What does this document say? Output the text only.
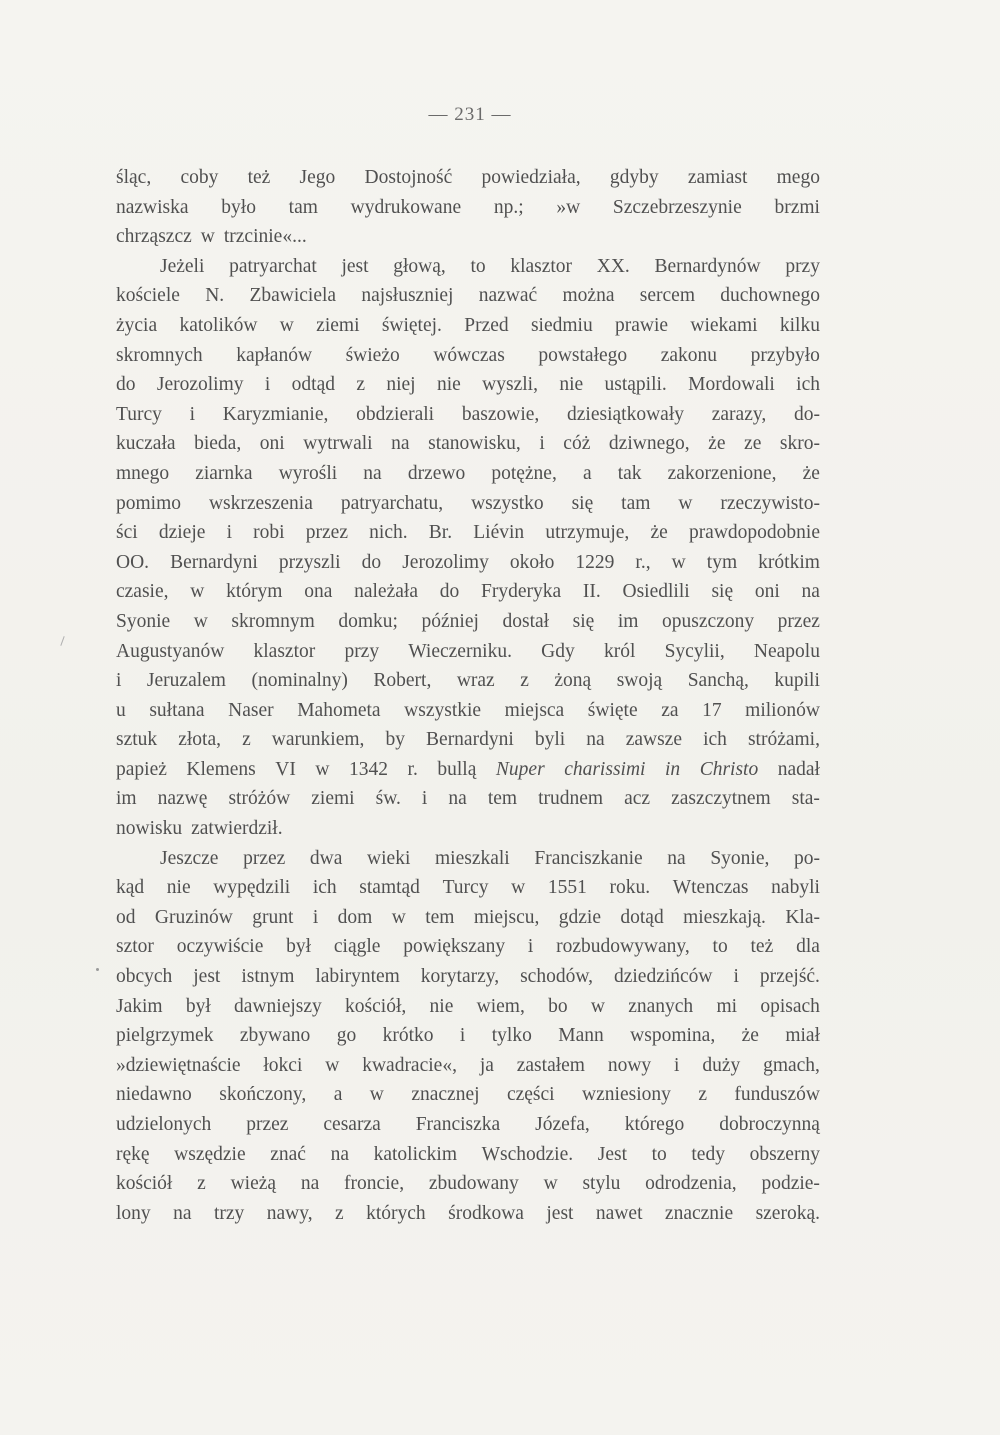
— 231 —
śląc, coby też Jego Dostojność powiedziała, gdyby zamiast mego
nazwiska było tam wydrukowane np.; »w Szczebrzeszynie brzmi
chrząszcz w trzcinie«...
Jeżeli patryarchat jest głową, to klasztor XX. Bernardynów przy
kościele N. Zbawiciela najsłuszniej nazwać można sercem duchownego
życia katolików w ziemi świętej. Przed siedmiu prawie wiekami kilku
skromnych kapłanów świeżo wówczas powstałego zakonu przybyło
do Jerozolimy i odtąd z niej nie wyszli, nie ustąpili. Mordowali ich
Turcy i Karyzmianie, obdzierali baszowie, dziesiątkowały zarazy, do-
kuczała bieda, oni wytrwali na stanowisku, i cóż dziwnego, że ze skro-
mnego ziarnka wyrośli na drzewo potężne, a tak zakorzenione, że
pomimo wskrzeszenia patryarchatu, wszystko się tam w rzeczywisto-
ści dzieje i robi przez nich. Br. Liévin utrzymuje, że prawdopodobnie
OO. Bernardyni przyszli do Jerozolimy około 1229 r., w tym krótkim
czasie, w którym ona należała do Fryderyka II. Osiedlili się oni na
Syonie w skromnym domku; później dostał się im opuszczony przez
Augustyanów klasztor przy Wieczerniku. Gdy król Sycylii, Neapolu
i Jeruzalem (nominalny) Robert, wraz z żoną swoją Sanchą, kupili
u sułtana Naser Mahometa wszystkie miejsca święte za 17 milionów
sztuk złota, z warunkiem, by Bernardyni byli na zawsze ich stróżami,
papież Klemens VI w 1342 r. bullą Nuper charissimi in Christo nadał
im nazwę stróżów ziemi św. i na tem trudnem acz zaszczytnem sta-
nowisku zatwierdził.
Jeszcze przez dwa wieki mieszkali Franciszkanie na Syonie, po-
kąd nie wypędzili ich stamtąd Turcy w 1551 roku. Wtenczas nabyli
od Gruzinów grunt i dom w tem miejscu, gdzie dotąd mieszkają. Kla-
sztor oczywiście był ciągle powiększany i rozbudowywany, to też dla
obcych jest istnym labiryntem korytarzy, schodów, dziedzińców i przejść.
Jakim był dawniejszy kościół, nie wiem, bo w znanych mi opisach
pielgrzymek zbywano go krótko i tylko Mann wspomina, że miał
»dziewiętnaście łokci w kwadracie«, ja zastałem nowy i duży gmach,
niedawno skończony, a w znacznej części wzniesiony z funduszów
udzielonych przez cesarza Franciszka Józefa, którego dobroczynną
rękę wszędzie znać na katolickim Wschodzie. Jest to tedy obszerny
kościół z wieżą na froncie, zbudowany w stylu odrodzenia, podzie-
lony na trzy nawy, z których środkowa jest nawet znacznie szeroką.
